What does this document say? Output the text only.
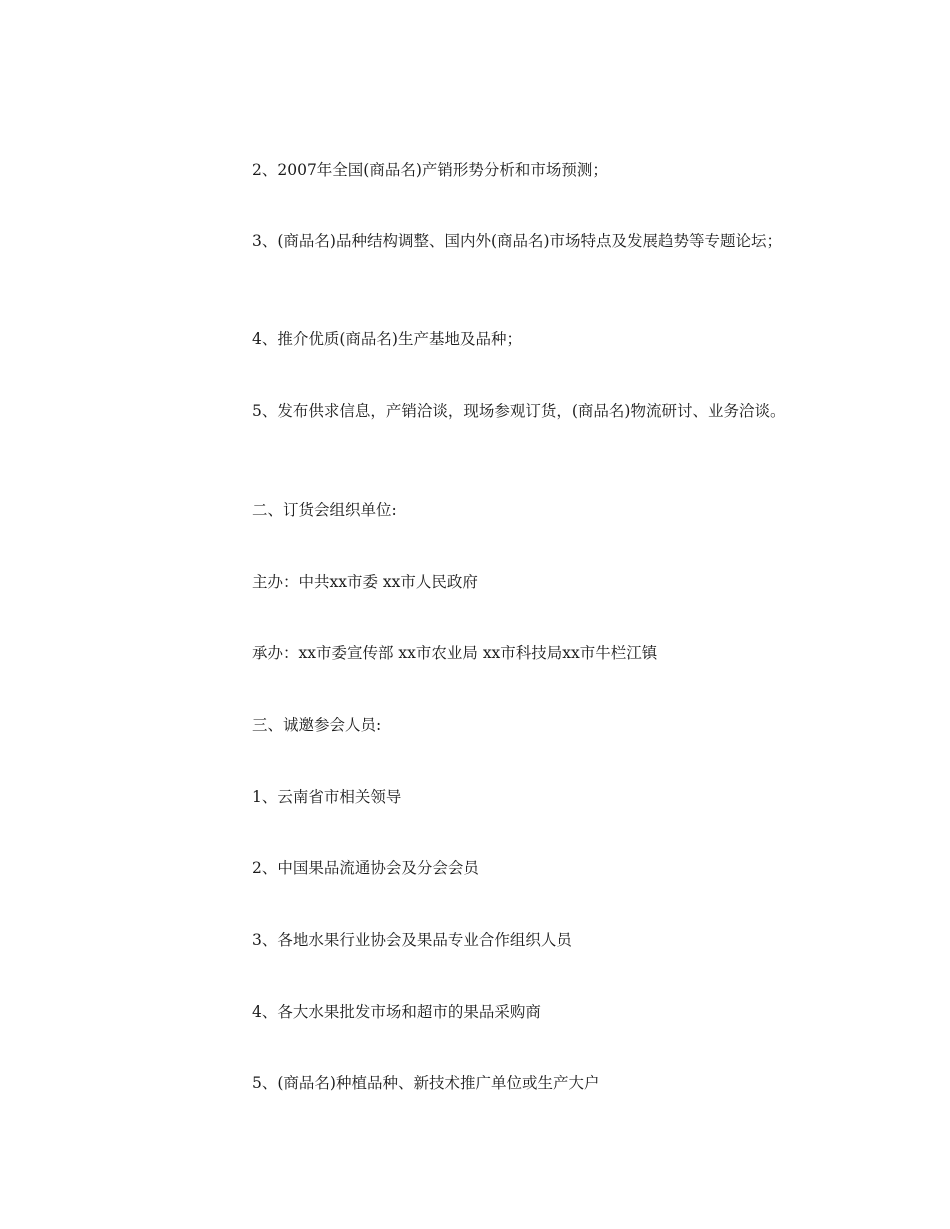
2、2007年全国(商品名)产销形势分析和市场预测；

3、(商品名)品种结构调整、国内外(商品名)市场特点及发展趋势等专题论坛；

4、推介优质(商品名)生产基地及品种；

5、发布供求信息，产销洽谈，现场参观订货，(商品名)物流研讨、业务洽谈。

二、订货会组织单位:

主办：中共xx市委 xx市人民政府

承办：xx市委宣传部 xx市农业局 xx市科技局xx市牛栏江镇

三、诚邀参会人员:

1、云南省市相关领导

2、中国果品流通协会及分会会员

3、各地水果行业协会及果品专业合作组织人员

4、各大水果批发市场和超市的果品采购商

5、(商品名)种植品种、新技术推广单位或生产大户
